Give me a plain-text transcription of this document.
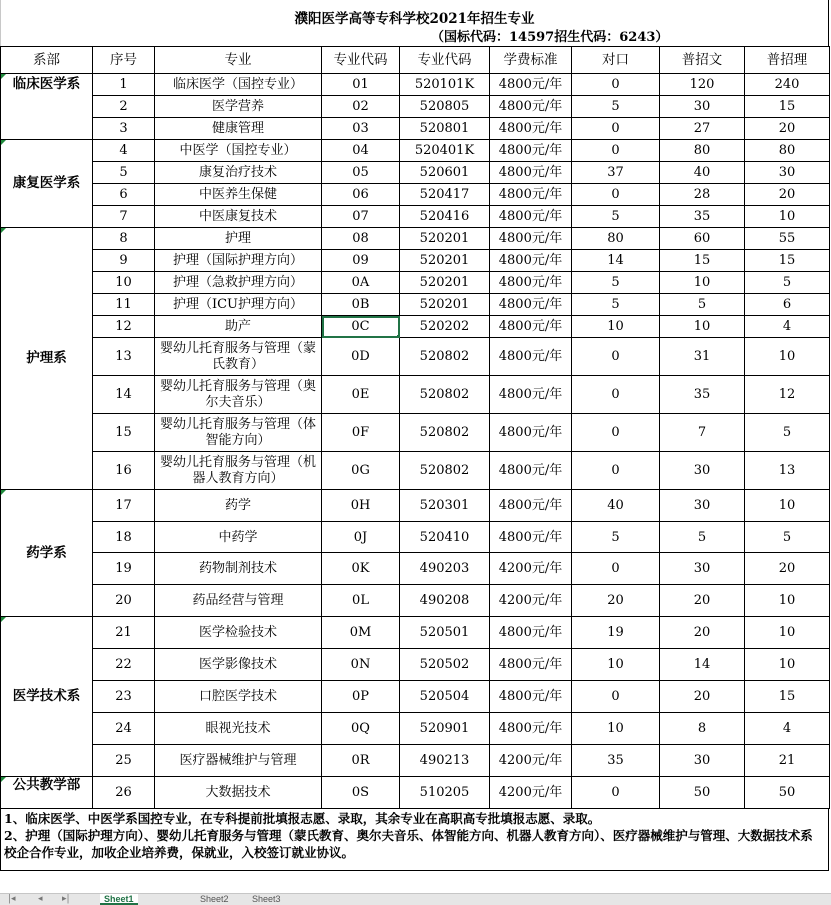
濮阳医学高等专科学校2021年招生专业
（国标代码：14597招生代码：6243）
系部	序号	专业	专业代码	专业代码	学费标准	对口	普招文	普招理
临床医学系	1	临床医学（国控专业）	01	520101K	4800元/年	0	120	240
	2	医学营养	02	520805	4800元/年	5	30	15
	3	健康管理	03	520801	4800元/年	0	27	20
康复医学系	4	中医学（国控专业）	04	520401K	4800元/年	0	80	80
	5	康复治疗技术	05	520601	4800元/年	37	40	30
	6	中医养生保健	06	520417	4800元/年	0	28	20
	7	中医康复技术	07	520416	4800元/年	5	35	10
护理系	8	护理	08	520201	4800元/年	80	60	55
	9	护理（国际护理方向）	09	520201	4800元/年	14	15	15
	10	护理（急救护理方向）	0A	520201	4800元/年	5	10	5
	11	护理（ICU护理方向）	0B	520201	4800元/年	5	5	6
	12	助产	0C	520202	4800元/年	10	10	4
	13	婴幼儿托育服务与管理（蒙氏教育）	0D	520802	4800元/年	0	31	10
	14	婴幼儿托育服务与管理（奥尔夫音乐）	0E	520802	4800元/年	0	35	12
	15	婴幼儿托育服务与管理（体智能方向）	0F	520802	4800元/年	0	7	5
	16	婴幼儿托育服务与管理（机器人教育方向）	0G	520802	4800元/年	0	30	13
药学系	17	药学	0H	520301	4800元/年	40	30	10
	18	中药学	0J	520410	4800元/年	5	5	5
	19	药物制剂技术	0K	490203	4200元/年	0	30	20
	20	药品经营与管理	0L	490208	4200元/年	20	20	10
医学技术系	21	医学检验技术	0M	520501	4800元/年	19	20	10
	22	医学影像技术	0N	520502	4800元/年	10	14	10
	23	口腔医学技术	0P	520504	4800元/年	0	20	15
	24	眼视光技术	0Q	520901	4800元/年	10	8	4
	25	医疗器械维护与管理	0R	490213	4200元/年	35	30	21
公共教学部	26	大数据技术	0S	510205	4200元/年	0	50	50
1、临床医学、中医学系国控专业，在专科提前批填报志愿、录取，其余专业在高职高专批填报志愿、录取。
2、护理（国际护理方向）、婴幼儿托育服务与管理（蒙氏教育、奥尔夫音乐、体智能方向、机器人教育方向）、医疗器械维护与管理、大数据技术系校企合作专业，加收企业培养费，保就业，入校签订就业协议。
|◂ ◂ ▸|	Sheet1	Sheet2	Sheet3
